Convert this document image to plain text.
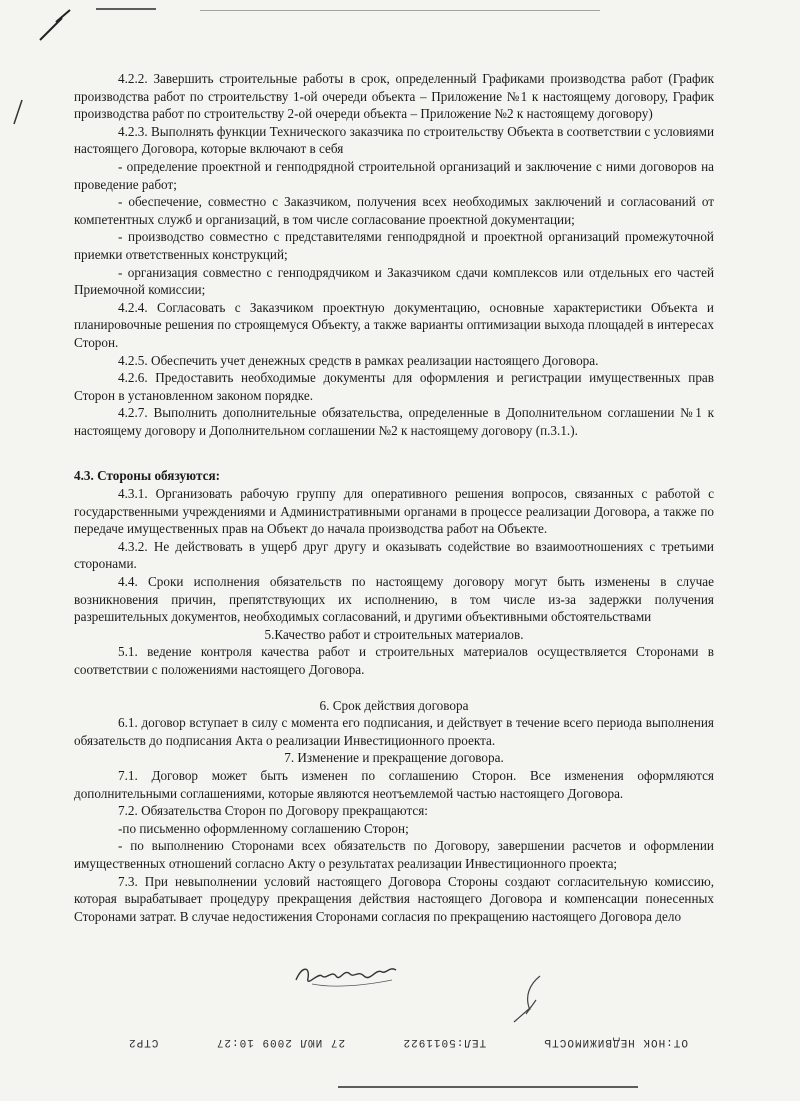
4.2.2. Завершить строительные работы в срок, определенный Графиками производства работ (График производства работ по строительству 1-ой очереди объекта – Приложение №1 к настоящему договору, График производства работ по строительству 2-ой очереди объекта – Приложение №2 к настоящему договору)

4.2.3. Выполнять функции Технического заказчика по строительству Объекта в соответствии с условиями настоящего Договора, которые включают в себя

- определение проектной и генподрядной строительной организаций и заключение с ними договоров на проведение работ;

- обеспечение, совместно с Заказчиком, получения всех необходимых заключений и согласований от компетентных служб и организаций, в том числе согласование проектной документации;

- производство совместно с представителями генподрядной и проектной организаций промежуточной приемки ответственных конструкций;

- организация совместно с генподрядчиком и Заказчиком сдачи комплексов или отдельных его частей Приемочной комиссии;

4.2.4. Согласовать с Заказчиком проектную документацию, основные характеристики Объекта и планировочные решения по строящемуся Объекту, а также варианты оптимизации выхода площадей в интересах Сторон.

4.2.5. Обеспечить учет денежных средств в рамках реализации настоящего Договора.

4.2.6. Предоставить необходимые документы для оформления и регистрации имущественных прав Сторон в установленном законом порядке.

4.2.7. Выполнить дополнительные обязательства, определенные в Дополнительном соглашении №1 к настоящему договору и Дополнительном соглашении №2 к настоящему договору (п.3.1.).

4.3. Стороны обязуются:

4.3.1. Организовать рабочую группу для оперативного решения вопросов, связанных с работой с государственными учреждениями и Административными органами в процессе реализации Договора, а также по передаче имущественных прав на Объект до начала производства работ на Объекте.

4.3.2. Не действовать в ущерб друг другу и оказывать содействие во взаимоотношениях с третьими сторонами.

4.4. Сроки исполнения обязательств по настоящему договору могут быть изменены в случае возникновения причин, препятствующих их исполнению, в том числе из-за задержки получения разрешительных документов, необходимых согласований, и другими объективными обстоятельствами

5.Качество работ и строительных материалов.

5.1. ведение контроля качества работ и строительных материалов осуществляется Сторонами в соответствии с положениями настоящего Договора.

6. Срок действия договора

6.1. договор вступает в силу с момента его подписания, и действует в течение всего периода выполнения обязательств до подписания Акта о реализации Инвестиционного проекта.

7. Изменение и прекращение договора.

7.1. Договор может быть изменен по соглашению Сторон. Все изменения оформляются дополнительными соглашениями, которые являются неотъемлемой частью настоящего Договора.

7.2. Обязательства Сторон по Договору прекращаются:

-по письменно оформленному соглашению Сторон;

- по выполнению Сторонами всех обязательств по Договору, завершении расчетов и оформлении имущественных отношений согласно Акту о результатах реализации Инвестиционного проекта;

7.3. При невыполнении условий настоящего Договора Стороны создают согласительную комиссию, которая вырабатывает процедуру прекращения действия настоящего Договора и компенсации понесенных Сторонами затрат. В случае недостижения Сторонами согласия по прекращению настоящего Договора дело

ОТ:НОК НЕДВИЖИМОСТЬ
ТЕЛ:5011922
27 ИЮЛ 2009 10:27
СТР2
